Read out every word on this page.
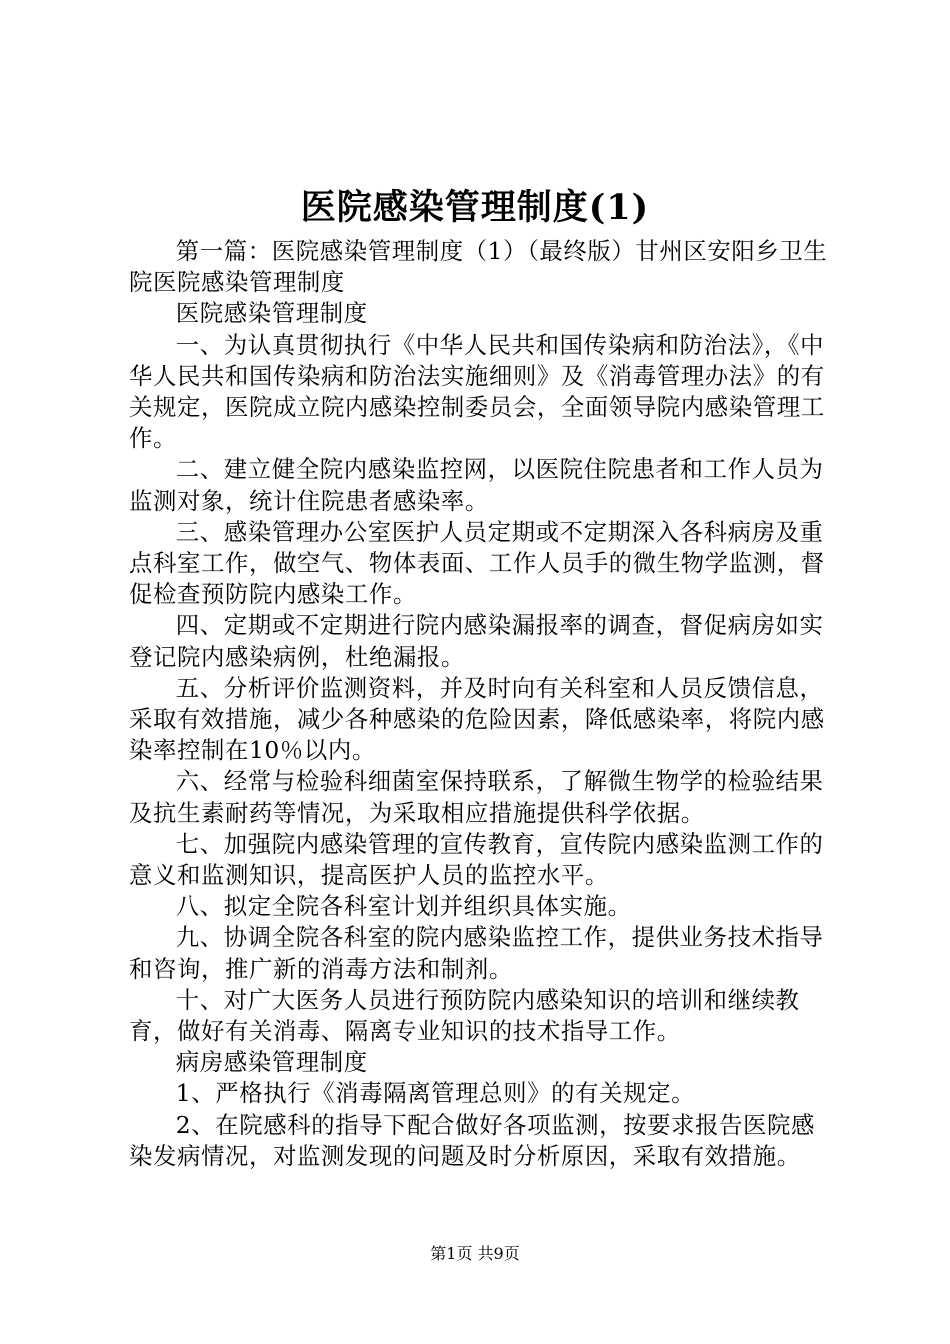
医院感染管理制度(1)

第一篇：医院感染管理制度（1）（最终版）甘州区安阳乡卫生院医院感染管理制度

医院感染管理制度

一、为认真贯彻执行《中华人民共和国传染病和防治法》，《中华人民共和国传染病和防治法实施细则》及《消毒管理办法》的有关规定，医院成立院内感染控制委员会，全面领导院内感染管理工作。

二、建立健全院内感染监控网，以医院住院患者和工作人员为监测对象，统计住院患者感染率。

三、感染管理办公室医护人员定期或不定期深入各科病房及重点科室工作，做空气、物体表面、工作人员手的微生物学监测，督促检查预防院内感染工作。

四、定期或不定期进行院内感染漏报率的调查，督促病房如实登记院内感染病例，杜绝漏报。

五、分析评价监测资料，并及时向有关科室和人员反馈信息，采取有效措施，减少各种感染的危险因素，降低感染率，将院内感染率控制在10％以内。

六、经常与检验科细菌室保持联系，了解微生物学的检验结果及抗生素耐药等情况，为采取相应措施提供科学依据。

七、加强院内感染管理的宣传教育，宣传院内感染监测工作的意义和监测知识，提高医护人员的监控水平。

八、拟定全院各科室计划并组织具体实施。

九、协调全院各科室的院内感染监控工作，提供业务技术指导和咨询，推广新的消毒方法和制剂。

十、对广大医务人员进行预防院内感染知识的培训和继续教育，做好有关消毒、隔离专业知识的技术指导工作。

病房感染管理制度

1、严格执行《消毒隔离管理总则》的有关规定。

2、在院感科的指导下配合做好各项监测，按要求报告医院感染发病情况，对监测发现的问题及时分析原因，采取有效措施。

第1页 共9页
